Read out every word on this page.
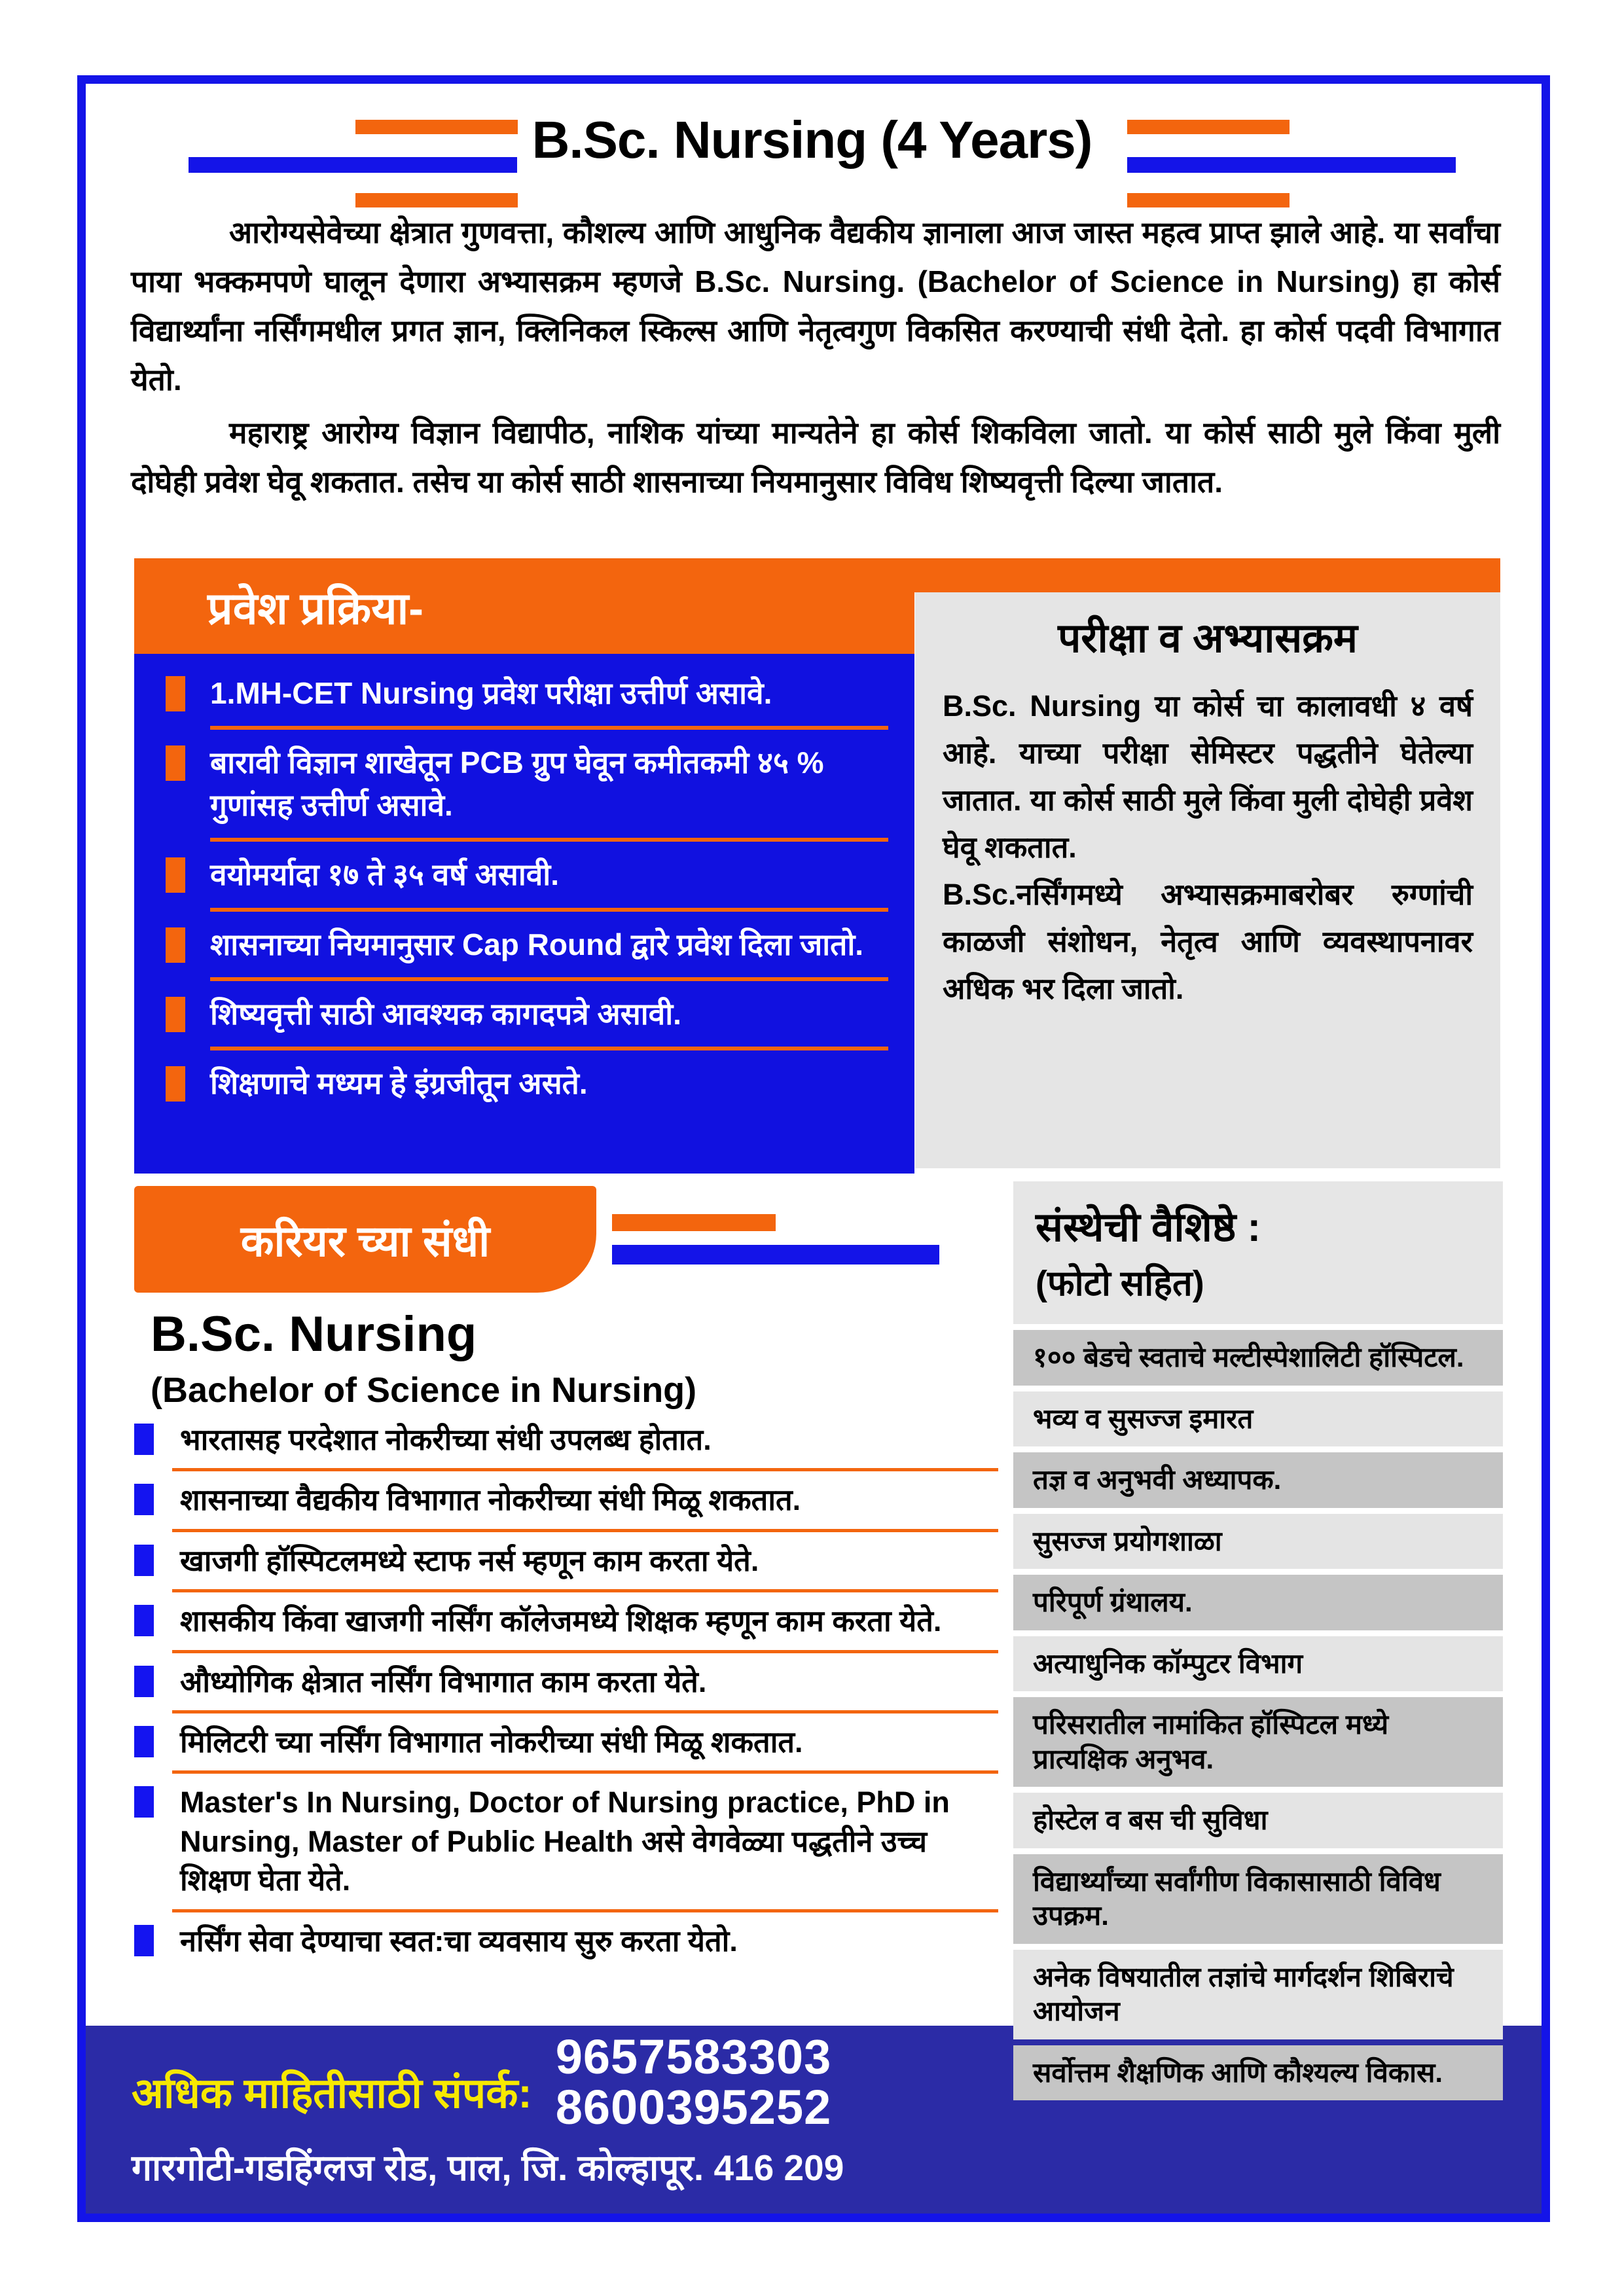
B.Sc. Nursing (4 Years)

आरोग्यसेवेच्या क्षेत्रात गुणवत्ता, कौशल्य आणि आधुनिक वैद्यकीय ज्ञानाला आज जास्त महत्व प्राप्त झाले आहे. या सर्वांचा पाया भक्कमपणे घालून देणारा अभ्यासक्रम म्हणजे B.Sc. Nursing. (Bachelor of Science in Nursing) हा कोर्स विद्यार्थ्यांना नर्सिंगमधील प्रगत ज्ञान, क्लिनिकल स्किल्स आणि नेतृत्वगुण विकसित करण्याची संधी देतो. हा कोर्स पदवी विभागात येतो.

महाराष्ट्र आरोग्य विज्ञान विद्यापीठ, नाशिक यांच्या मान्यतेने हा कोर्स शिकविला जातो. या कोर्स साठी मुले किंवा मुली दोघेही प्रवेश घेवू शकतात. तसेच या कोर्स साठी शासनाच्या नियमानुसार विविध शिष्यवृत्ती दिल्या जातात.

प्रवेश प्रक्रिया-
1.MH-CET Nursing प्रवेश परीक्षा उत्तीर्ण असावे.
बारावी विज्ञान शाखेतून PCB ग्रुप घेवून कमीतकमी ४५ % गुणांसह उत्तीर्ण असावे.
वयोमर्यादा १७ ते ३५ वर्ष असावी.
शासनाच्या नियमानुसार Cap Round द्वारे प्रवेश दिला जातो.
शिष्यवृत्ती साठी आवश्यक कागदपत्रे असावी.
शिक्षणाचे मध्यम हे इंग्रजीतून असते.
परीक्षा व अभ्यासक्रम

B.Sc. Nursing या कोर्स चा कालावधी ४ वर्ष आहे. याच्या परीक्षा सेमिस्टर पद्धतीने घेतेल्या जातात. या कोर्स साठी मुले किंवा मुली दोघेही प्रवेश घेवू शकतात.

B.Sc.नर्सिंगमध्ये अभ्यासक्रमाबरोबर रुग्णांची काळजी संशोधन, नेतृत्व आणि व्यवस्थापनावर अधिक भर दिला जातो.

करियर च्या संधी
B.Sc. Nursing
(Bachelor of Science in Nursing)
भारतासह परदेशात नोकरीच्या संधी उपलब्ध होतात.
शासनाच्या वैद्यकीय विभागात नोकरीच्या संधी मिळू शकतात.
खाजगी हॉस्पिटलमध्ये स्टाफ नर्स म्हणून काम करता येते.
शासकीय किंवा खाजगी नर्सिंग कॉलेजमध्ये शिक्षक म्हणून काम करता येते.
औध्योगिक क्षेत्रात नर्सिंग विभागात काम करता येते.
मिलिटरी च्या नर्सिंग विभागात नोकरीच्या संधी मिळू शकतात.
Master's In Nursing, Doctor of Nursing practice, PhD in Nursing, Master of Public Health असे वेगवेळ्या पद्धतीने उच्च शिक्षण घेता येते.
नर्सिंग सेवा देण्याचा स्वत:चा व्यवसाय सुरु करता येतो.
संस्थेची वैशिष्ठे :
(फोटो सहित)
१०० बेडचे स्वताचे मल्टीस्पेशालिटी हॉस्पिटल.
भव्य व सुसज्ज इमारत
तज्ञ व अनुभवी अध्यापक.
सुसज्ज प्रयोगशाळा
परिपूर्ण ग्रंथालय.
अत्याधुनिक कॉम्पुटर विभाग
परिसरातील नामांकित हॉस्पिटल मध्ये प्रात्यक्षिक अनुभव.
होस्टेल व बस ची सुविधा
विद्यार्थ्यांच्या सर्वांगीण विकासासाठी विविध उपक्रम.
अनेक विषयातील तज्ञांचे मार्गदर्शन शिबिराचे आयोजन
सर्वोत्तम शैक्षणिक आणि कौश्यल्य विकास.
अधिक माहितीसाठी संपर्क:
9657583303
8600395252
गारगोटी-गडहिंग्लज रोड, पाल, जि. कोल्हापूर. 416 209
